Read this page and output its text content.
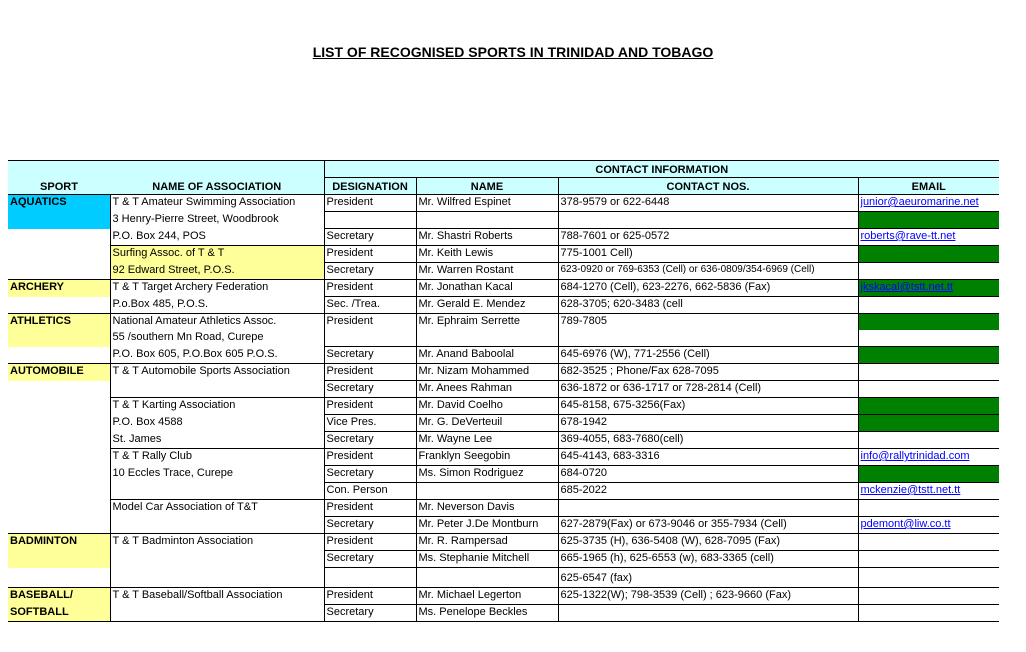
LIST OF RECOGNISED SPORTS IN TRINIDAD AND TOBAGO
		CONTACT INFORMATION			
SPORT	NAME OF ASSOCIATION	DESIGNATION	NAME	CONTACT NOS.	EMAIL
AQUATICS	T & T Amateur Swimming Association	President	Mr. Wilfred Espinet	378-9579 or 622-6448	junior@aeuromarine.net
	3 Henry-Pierre Street, Woodbrook				
	P.O. Box 244, POS	Secretary	Mr. Shastri Roberts	788-7601 or 625-0572	roberts@rave-tt.net
	Surfing Assoc. of T & T	President	Mr. Keith Lewis	775-1001 Cell)	
	92 Edward Street, P.O.S.	Secretary	Mr. Warren Rostant	623-0920 or 769-6353 (Cell) or 636-0809/354-6969 (Cell)	
ARCHERY	T & T Target Archery Federation	President	Mr. Jonathan Kacal	684-1270 (Cell), 623-2276, 662-5836 (Fax)	jkskacal@tstt.net.tt
	P.o.Box 485, P.O.S.	Sec. /Trea.	Mr. Gerald E. Mendez	628-3705; 620-3483 (cell	
ATHLETICS	National Amateur Athletics Assoc.	President	Mr. Ephraim Serrette	789-7805	
	55 /southern Mn Road, Curepe				
	P.O. Box 605, P.O.Box 605 P.O.S.	Secretary	Mr. Anand Baboolal	645-6976 (W), 771-2556 (Cell)	
AUTOMOBILE	T & T Automobile Sports Association	President	Mr. Nizam Mohammed	682-3525 ; Phone/Fax 628-7095	
		Secretary	Mr. Anees Rahman	636-1872 or 636-1717 or 728-2814 (Cell)	
	T & T Karting Association	President	Mr. David Coelho	645-8158, 675-3256(Fax)	
	P.O. Box 4588	Vice Pres.	Mr. G. DeVerteuil	678-1942	
	St. James	Secretary	Mr. Wayne Lee	369-4055, 683-7680(cell)	
	T & T Rally Club	President	Franklyn Seegobin	645-4143, 683-3316	info@rallytrinidad.com
	10 Eccles Trace, Curepe	Secretary	Ms. Simon Rodriguez	684-0720	
		Con. Person		685-2022	mckenzie@tstt.net.tt
	Model Car Association of T&T	President	Mr. Neverson Davis		
		Secretary	Mr. Peter J.De Montburn	627-2879(Fax) or 673-9046 or 355-7934 (Cell)	pdemont@liw.co.tt
BADMINTON	T & T Badminton Association	President	Mr. R. Rampersad	625-3735 (H), 636-5408 (W), 628-7095 (Fax)	
		Secretary	Ms. Stephanie Mitchell	665-1965 (h), 625-6553 (w), 683-3365 (cell)	
				625-6547 (fax)	
BASEBALL/	T & T Baseball/Softball Association	President	Mr. Michael Legerton	625-1322(W); 798-3539 (Cell) ; 623-9660 (Fax)	
SOFTBALL		Secretary	Ms. Penelope Beckles		
